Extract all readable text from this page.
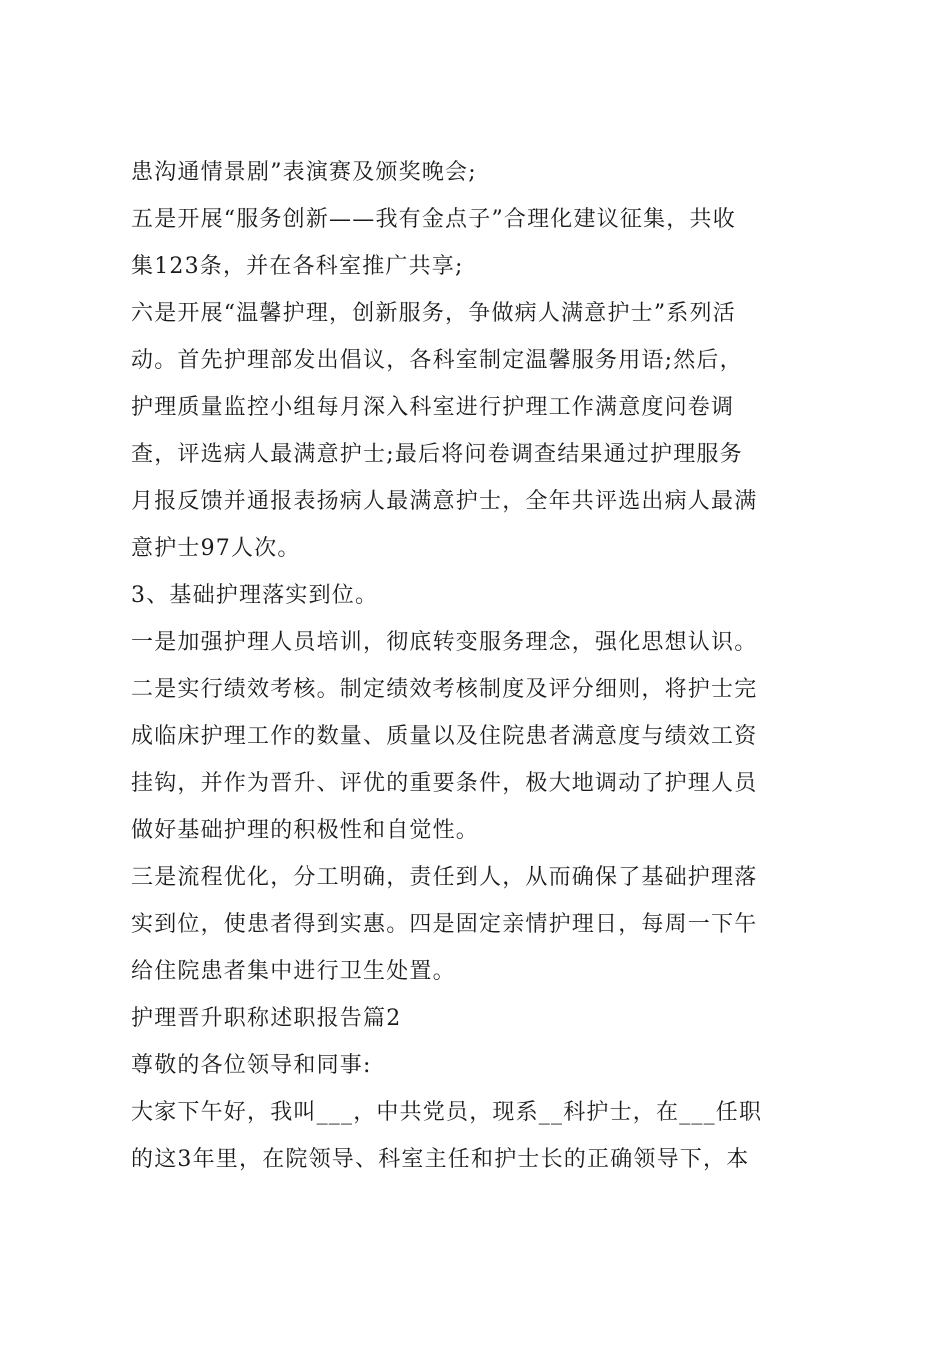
患沟通情景剧”表演赛及颁奖晚会;
五是开展“服务创新——我有金点子”合理化建议征集，共收
集123条，并在各科室推广共享;
六是开展“温馨护理，创新服务，争做病人满意护士”系列活
动。首先护理部发出倡议，各科室制定温馨服务用语;然后，
护理质量监控小组每月深入科室进行护理工作满意度问卷调
查，评选病人最满意护士;最后将问卷调查结果通过护理服务
月报反馈并通报表扬病人最满意护士，全年共评选出病人最满
意护士97人次。
3、基础护理落实到位。
一是加强护理人员培训，彻底转变服务理念，强化思想认识。
二是实行绩效考核。制定绩效考核制度及评分细则，将护士完
成临床护理工作的数量、质量以及住院患者满意度与绩效工资
挂钩，并作为晋升、评优的重要条件，极大地调动了护理人员
做好基础护理的积极性和自觉性。
三是流程优化，分工明确，责任到人，从而确保了基础护理落
实到位，使患者得到实惠。四是固定亲情护理日，每周一下午
给住院患者集中进行卫生处置。
护理晋升职称述职报告篇2
尊敬的各位领导和同事:
大家下午好，我叫___，中共党员，现系__科护士，在___任职
的这3年里，在院领导、科室主任和护士长的正确领导下，本
